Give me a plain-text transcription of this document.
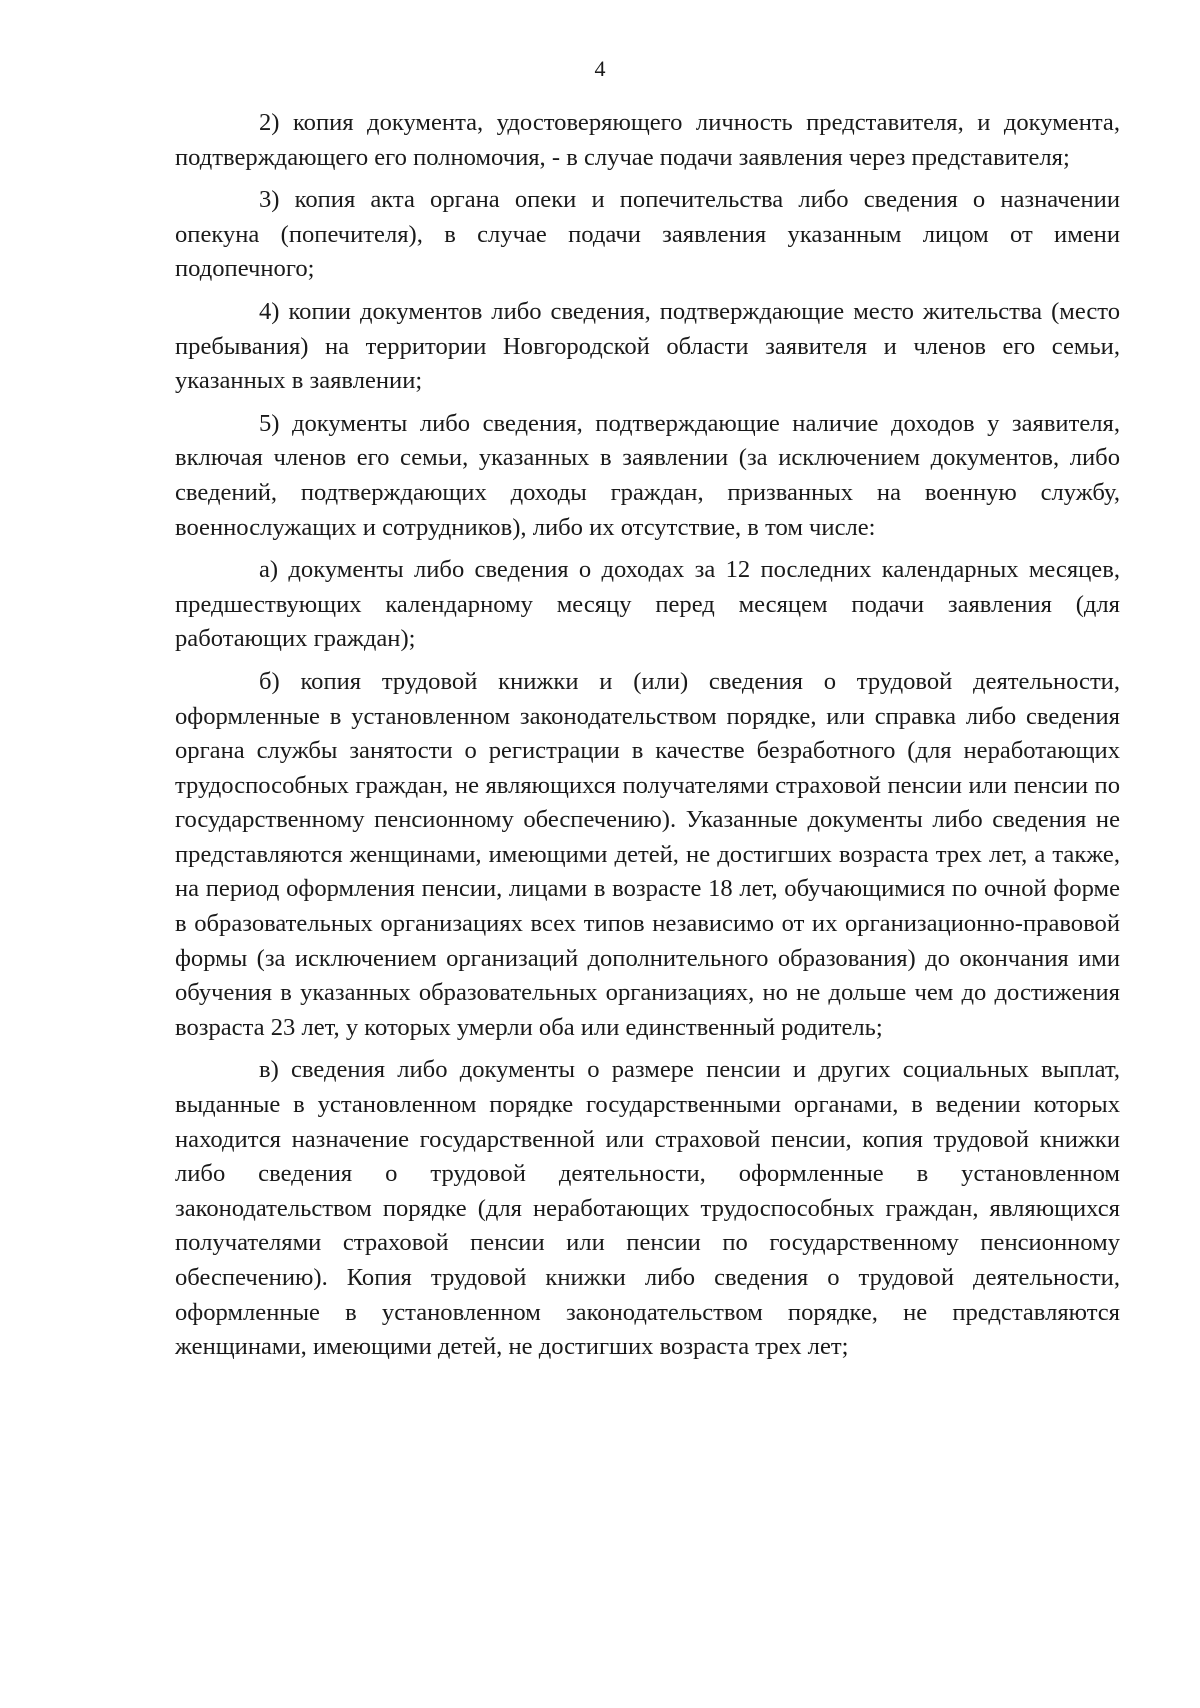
4

2) копия документа, удостоверяющего личность представителя, и документа, подтверждающего его полномочия, - в случае подачи заявления через представителя;

3) копия акта органа опеки и попечительства либо сведения о назначении опекуна (попечителя), в случае подачи заявления указанным лицом от имени подопечного;

4) копии документов либо сведения, подтверждающие место жительства (место пребывания) на территории Новгородской области заявителя и членов его семьи, указанных в заявлении;

5) документы либо сведения, подтверждающие наличие доходов у заявителя, включая членов его семьи, указанных в заявлении (за исключением документов, либо сведений, подтверждающих доходы граждан, призванных на военную службу, военнослужащих и сотрудников), либо их отсутствие, в том числе:

а) документы либо сведения о доходах за 12 последних календарных месяцев, предшествующих календарному месяцу перед месяцем подачи заявления (для работающих граждан);

б) копия трудовой книжки и (или) сведения о трудовой деятельности, оформленные в установленном законодательством порядке, или справка либо сведения органа службы занятости о регистрации в качестве безработного (для неработающих трудоспособных граждан, не являющихся получателями страховой пенсии или пенсии по государственному пенсионному обеспечению). Указанные документы либо сведения не представляются женщинами, имеющими детей, не достигших возраста трех лет, а также, на период оформления пенсии, лицами в возрасте 18 лет, обучающимися по очной форме в образовательных организациях всех типов независимо от их организационно-правовой формы (за исключением организаций дополнительного образования) до окончания ими обучения в указанных образовательных организациях, но не дольше чем до достижения возраста 23 лет, у которых умерли оба или единственный родитель;

в) сведения либо документы о размере пенсии и других социальных выплат, выданные в установленном порядке государственными органами, в ведении которых находится назначение государственной или страховой пенсии, копия трудовой книжки либо сведения о трудовой деятельности, оформленные в установленном законодательством порядке (для неработающих трудоспособных граждан, являющихся получателями страховой пенсии или пенсии по государственному пенсионному обеспечению). Копия трудовой книжки либо сведения о трудовой деятельности, оформленные в установленном законодательством порядке, не представляются женщинами, имеющими детей, не достигших возраста трех лет;
